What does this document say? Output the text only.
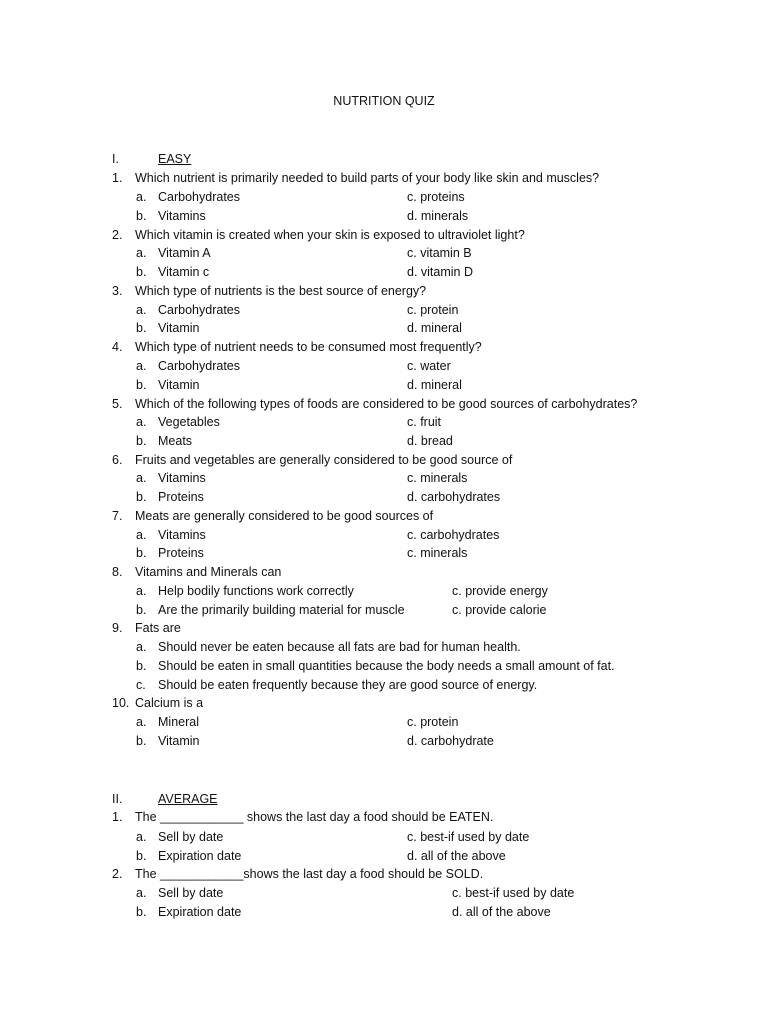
NUTRITION QUIZ
I.	EASY
1. Which nutrient is primarily needed to build parts of your body like skin and muscles?
a. Carbohydrates	c. proteins
b. Vitamins	d. minerals
2. Which vitamin is created when your skin is exposed to ultraviolet light?
a. Vitamin A	c. vitamin B
b. Vitamin c	d. vitamin D
3. Which type of nutrients is the best source of energy?
a. Carbohydrates	c. protein
b. Vitamin	d. mineral
4. Which type of nutrient needs to be consumed most frequently?
a. Carbohydrates	c. water
b. Vitamin	d. mineral
5. Which of the following types of foods are considered to be good sources of carbohydrates?
a. Vegetables	c. fruit
b. Meats	d. bread
6. Fruits and vegetables are generally considered to be good source of
a. Vitamins	c. minerals
b. Proteins	d. carbohydrates
7. Meats are generally considered to be good sources of
a. Vitamins	c. carbohydrates
b. Proteins	c. minerals
8. Vitamins and Minerals can
a. Help bodily functions work correctly	c. provide energy
b. Are the primarily building material for muscle	c. provide calorie
9. Fats are
a. Should never be eaten because all fats are bad for human health.
b. Should be eaten in small quantities because the body needs a small amount of fat.
c. Should be eaten frequently because they are good source of energy.
10. Calcium is a
a. Mineral	c. protein
b. Vitamin	d. carbohydrate
II.	AVERAGE
1. The ____________ shows the last day a food should be EATEN.
a. Sell by date	c. best-if used by date
b. Expiration date	d. all of the above
2. The ____________shows the last day a food should be SOLD.
a. Sell by date	c. best-if used by date
b. Expiration date	d. all of the above
